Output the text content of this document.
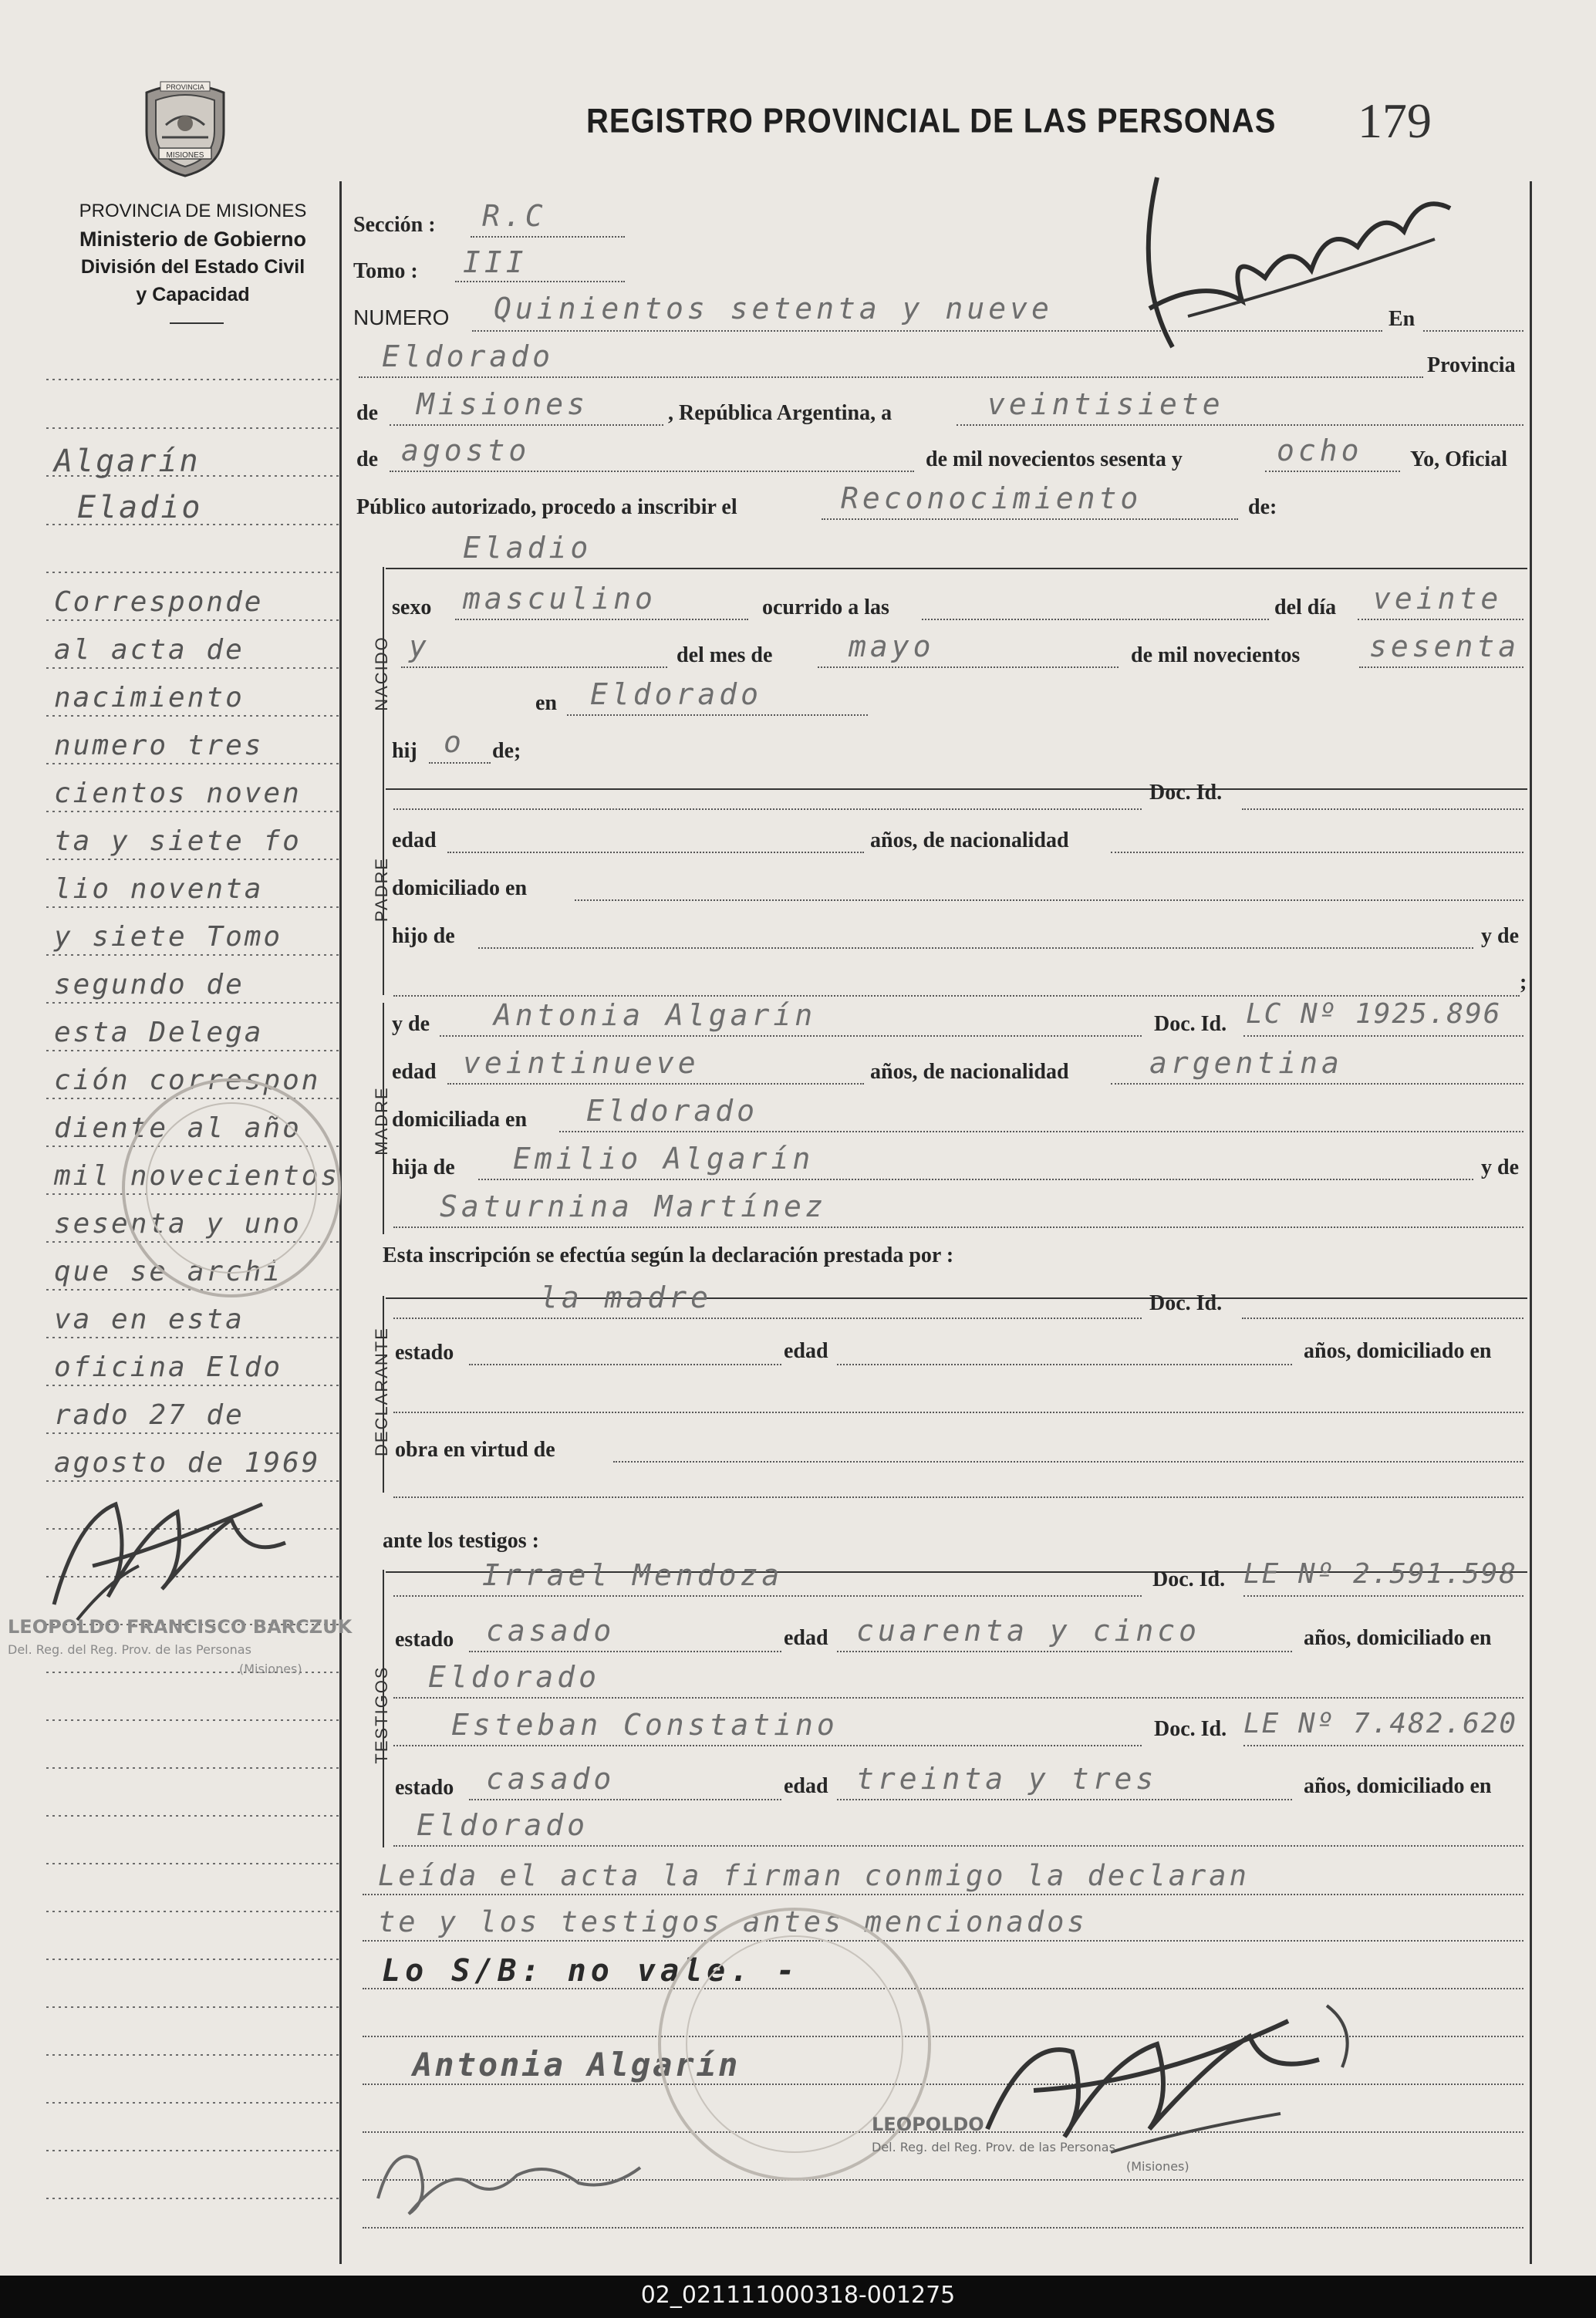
MISIONES
PROVINCIA
PROVINCIA DE MISIONES
Ministerio de Gobierno
División del Estado Civil
y Capacidad
REGISTRO PROVINCIAL DE LAS PERSONAS 179
Algarín
Eladio
Corresponde
al acta de
nacimiento
numero tres
cientos noven
ta y siete fo
lio noventa
y siete Tomo
segundo de
esta Delega
ción correspon
diente al año
mil novecientos
sesenta y uno
que se archi
va en esta
oficina Eldo
rado 27 de
agosto de 1969
LEOPOLDO FRANCISCO BARCZUK
Del. Reg. del Reg. Prov. de las Personas
(Misiones)
Sección : R.C
Tomo : III
NUMERO Quinientos setenta y nueve	En
Eldorado	Provincia
de Misiones	, República Argentina, a	veintisiete
de agosto	de mil novecientos sesenta y	ocho Yo, Oficial
Público autorizado, procedo a inscribir el	Reconocimiento	de:
NACIDO
Eladio
sexo masculino	ocurrido a las	del día veinte
y	del mes de	mayo	de mil novecientos sesenta
en Eldorado
hij o de;
PADRE
Doc. Id.
edad	años, de nacionalidad
domiciliado en
hijo de	y de
;
MADRE
y de Antonia Algarín	Doc. Id. LC Nº 1925.896
edad veintinueve	años, de nacionalidad	argentina
domiciliada en Eldorado
hija de Emilio Algarín	y de
Saturnina Martínez
Esta inscripción se efectúa según la declaración prestada por :
DECLARANTE
la madre	Doc. Id.
estado	edad	años, domiciliado en
obra en virtud de
ante los testigos :
TESTIGOS
Irrael Mendoza	Doc. Id. LE Nº 2.591.598
estado casado	edad cuarenta y cinco	años, domiciliado en
Eldorado
Esteban Constatino	Doc. Id. LE Nº 7.482.620
estado casado	edad treinta y tres	años, domiciliado en
Eldorado
Leída el acta la firman conmigo la declaran
te y los testigos antes mencionados
Lo S/B: no vale. -
Antonia Algarín
LEOPOLDO
Del. Reg. del Reg. Prov. de las Personas
(Misiones)
02_021111000318-001275
